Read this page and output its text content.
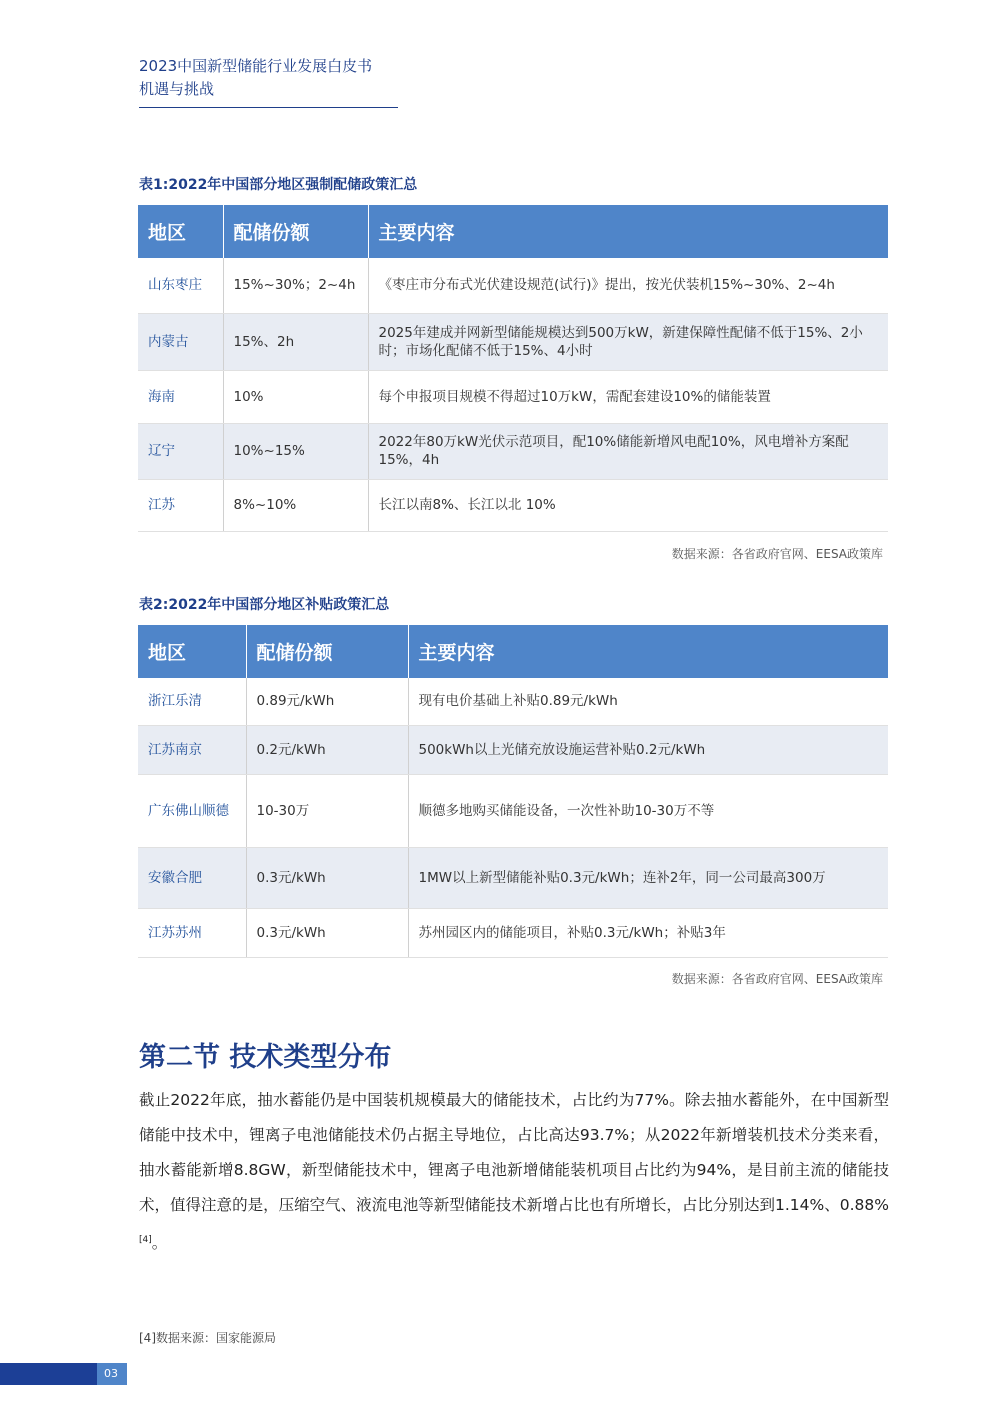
2023中国新型储能行业发展白皮书
机遇与挑战
表1:2022年中国部分地区强制配储政策汇总
地区	配储份额	主要内容
山东枣庄	15%~30%；2~4h	《枣庄市分布式光伏建设规范(试行)》提出，按光伏装机15%~30%、2~4h
内蒙古	15%、2h	2025年建成并网新型储能规模达到500万kW，新建保障性配储不低于15%、2小时；市场化配储不低于15%、4小时
海南	10%	每个申报项目规模不得超过10万kW，需配套建设10%的储能装置
辽宁	10%~15%	2022年80万kW光伏示范项目，配10%储能新增风电配10%，风电增补方案配15%，4h
江苏	8%~10%	长江以南8%、长江以北 10%
数据来源：各省政府官网、EESA政策库
表2:2022年中国部分地区补贴政策汇总
地区	配储份额	主要内容
浙江乐清	0.89元/kWh	现有电价基础上补贴0.89元/kWh
江苏南京	0.2元/kWh	500kWh以上光储充放设施运营补贴0.2元/kWh
广东佛山顺德	10-30万	顺德多地购买储能设备，一次性补助10-30万不等
安徽合肥	0.3元/kWh	1MW以上新型储能补贴0.3元/kWh；连补2年，同一公司最高300万
江苏苏州	0.3元/kWh	苏州园区内的储能项目，补贴0.3元/kWh；补贴3年
数据来源：各省政府官网、EESA政策库
第二节 技术类型分布
截止2022年底，抽水蓄能仍是中国装机规模最大的储能技术，占比约为77%。除去抽水蓄能外，在中国新型储能中技术中，锂离子电池储能技术仍占据主导地位，占比高达93.7%；从2022年新增装机技术分类来看，抽水蓄能新增8.8GW，新型储能技术中，锂离子电池新增储能装机项目占比约为94%，是目前主流的储能技术，值得注意的是，压缩空气、液流电池等新型储能技术新增占比也有所增长，占比分别达到1.14%、0.88%[4]。
[4]数据来源：国家能源局
03
